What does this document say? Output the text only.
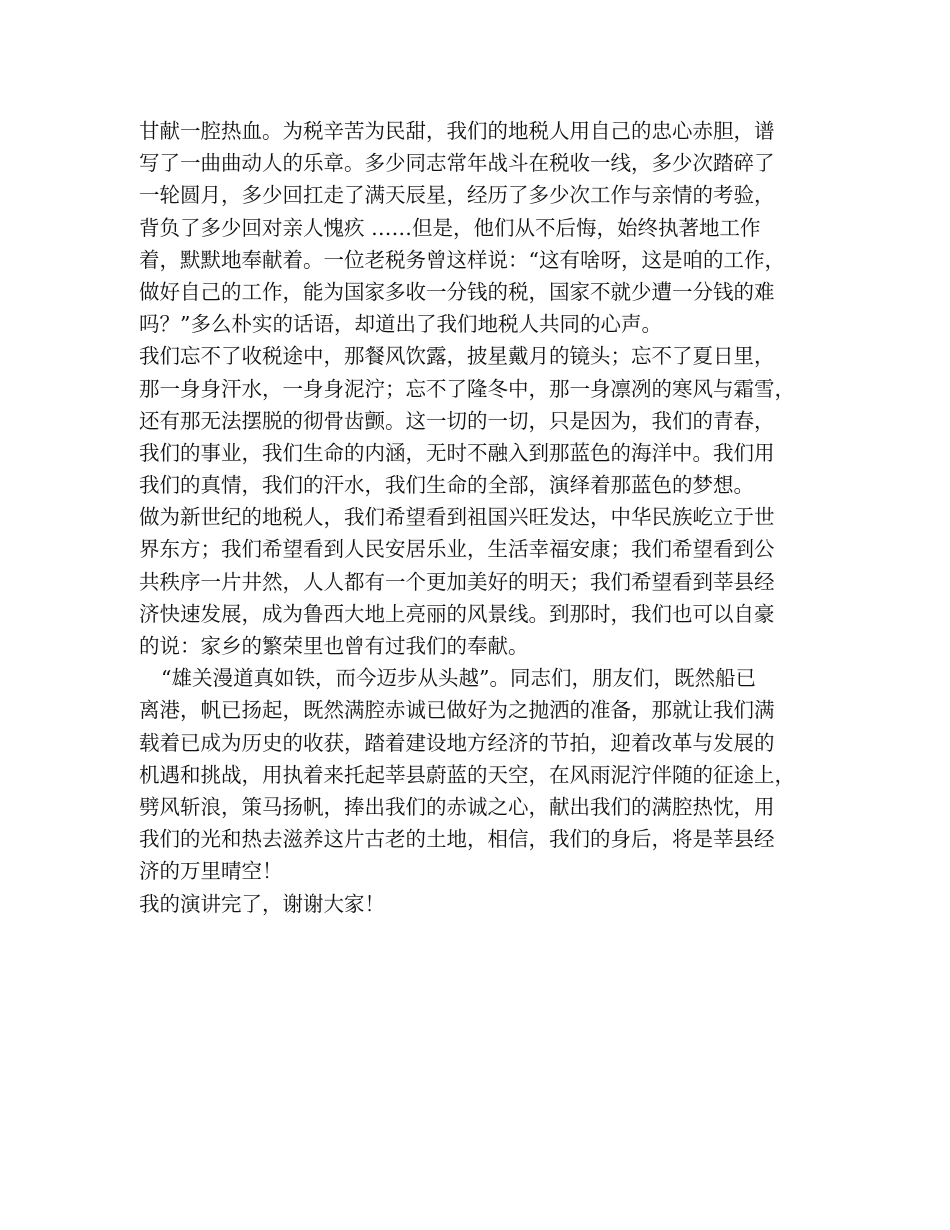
甘献一腔热血。为税辛苦为民甜，我们的地税人用自己的忠心赤胆，谱
写了一曲曲动人的乐章。多少同志常年战斗在税收一线，多少次踏碎了
一轮圆月，多少回扛走了满天辰星，经历了多少次工作与亲情的考验，
背负了多少回对亲人愧疚 ……但是，他们从不后悔，始终执著地工作
着，默默地奉献着。一位老税务曾这样说：“这有啥呀，这是咱的工作，
做好自己的工作，能为国家多收一分钱的税，国家不就少遭一分钱的难
吗？”多么朴实的话语，却道出了我们地税人共同的心声。
我们忘不了收税途中，那餐风饮露，披星戴月的镜头；忘不了夏日里，
那一身身汗水，一身身泥泞；忘不了隆冬中，那一身凛冽的寒风与霜雪，
还有那无法摆脱的彻骨齿颤。这一切的一切，只是因为，我们的青春，
我们的事业，我们生命的内涵，无时不融入到那蓝色的海洋中。我们用
我们的真情，我们的汗水，我们生命的全部，演绎着那蓝色的梦想。
做为新世纪的地税人，我们希望看到祖国兴旺发达，中华民族屹立于世
界东方；我们希望看到人民安居乐业，生活幸福安康；我们希望看到公
共秩序一片井然，人人都有一个更加美好的明天；我们希望看到莘县经
济快速发展，成为鲁西大地上亮丽的风景线。到那时，我们也可以自豪
的说：家乡的繁荣里也曾有过我们的奉献。
“雄关漫道真如铁，而今迈步从头越”。同志们，朋友们，既然船已
离港，帆已扬起，既然满腔赤诚已做好为之抛洒的准备，那就让我们满
载着已成为历史的收获，踏着建设地方经济的节拍，迎着改革与发展的
机遇和挑战，用执着来托起莘县蔚蓝的天空，在风雨泥泞伴随的征途上，
劈风斩浪，策马扬帆，捧出我们的赤诚之心，献出我们的满腔热忱，用
我们的光和热去滋养这片古老的土地，相信，我们的身后，将是莘县经
济的万里晴空！
我的演讲完了，谢谢大家！
